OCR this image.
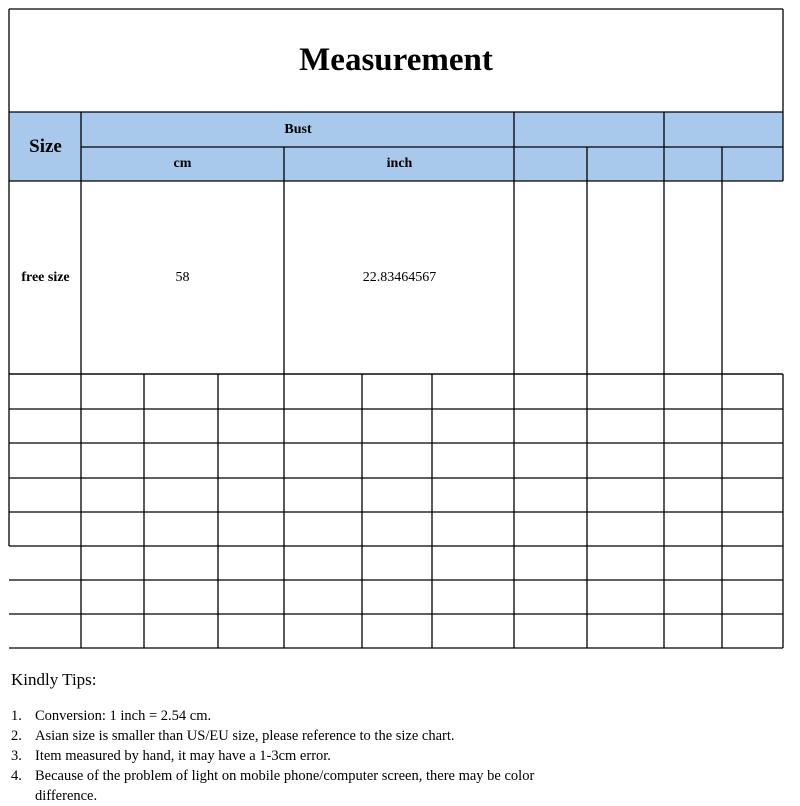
Measurement
Size
Bust
cm	inch
free size	58	22.83464567
Kindly Tips:
1. Conversion: 1 inch = 2.54 cm.
2. Asian size is smaller than US/EU size, please reference to the size chart.
3. Item measured by hand, it may have a 1-3cm error.
4. Because of the problem of light on mobile phone/computer screen, there may be color difference.
